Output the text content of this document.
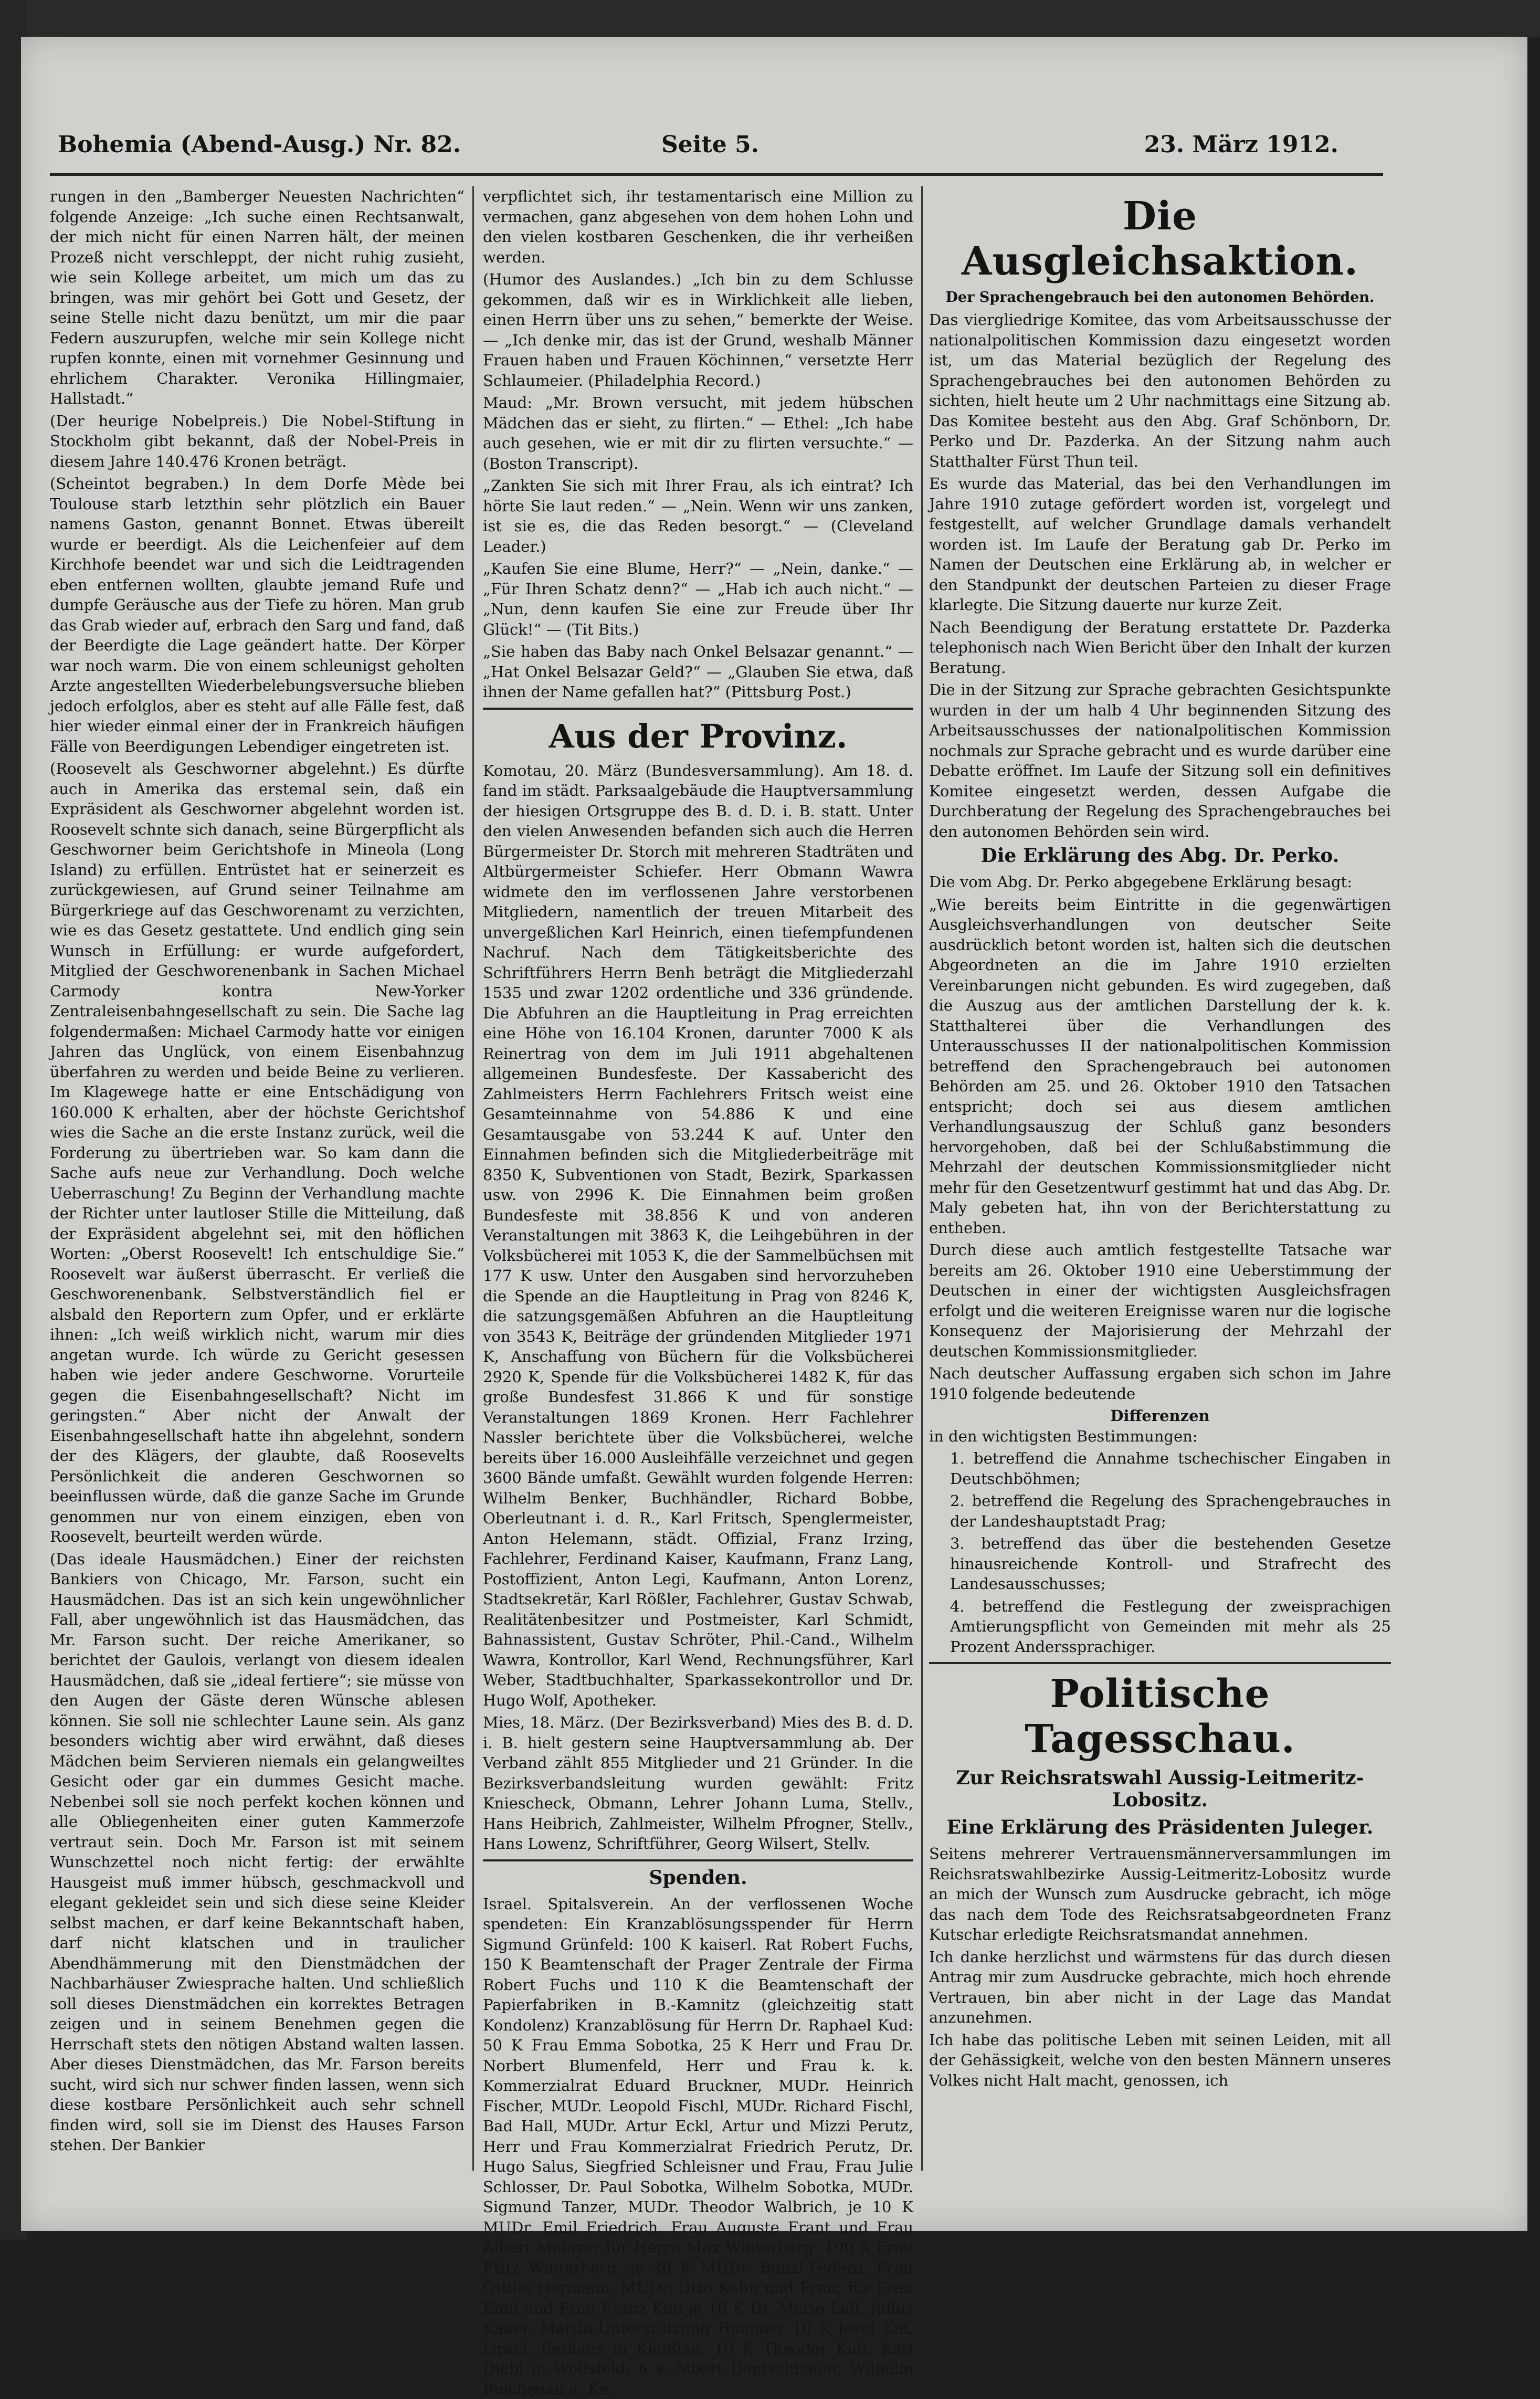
Bohemia (Abend-Ausg.) Nr. 82.	Seite 5.	23. März 1912.

rungen in den „Bamberger Neuesten Nachrichten“ folgende Anzeige: „Ich suche einen Rechtsanwalt, der mich nicht für einen Narren hält, der meinen Prozeß nicht verschleppt, der nicht ruhig zusieht, wie sein Kollege arbeitet, um mich um das zu bringen, was mir gehört bei Gott und Gesetz, der seine Stelle nicht dazu benützt, um mir die paar Federn auszurupfen, welche mir sein Kollege nicht rupfen konnte, einen mit vornehmer Gesinnung und ehrlichem Charakter. Veronika Hillingmaier, Hallstadt.“

(Der heurige Nobelpreis.) Die Nobel-Stiftung in Stockholm gibt bekannt, daß der Nobel-Preis in diesem Jahre 140.476 Kronen beträgt.

(Scheintot begraben.) In dem Dorfe Mède bei Toulouse starb letzthin sehr plötzlich ein Bauer namens Gaston, genannt Bonnet. Etwas übereilt wurde er beerdigt. Als die Leichenfeier auf dem Kirchhofe beendet war und sich die Leidtragenden eben entfernen wollten, glaubte jemand Rufe und dumpfe Geräusche aus der Tiefe zu hören. Man grub das Grab wieder auf, erbrach den Sarg und fand, daß der Beerdigte die Lage geändert hatte. Der Körper war noch warm. Die von einem schleunigst geholten Arzte angestellten Wiederbelebungsversuche blieben jedoch erfolglos, aber es steht auf alle Fälle fest, daß hier wieder einmal einer der in Frankreich häufigen Fälle von Beerdigungen Lebendiger eingetreten ist.

(Roosevelt als Geschworner abgelehnt.) Es dürfte auch in Amerika das erstemal sein, daß ein Expräsident als Geschworner abgelehnt worden ist. Roosevelt schnte sich danach, seine Bürgerpflicht als Geschworner beim Gerichtshofe in Mineola (Long Island) zu erfüllen. Entrüstet hat er seinerzeit es zurückgewiesen, auf Grund seiner Teilnahme am Bürgerkriege auf das Geschworenamt zu verzichten, wie es das Gesetz gestattete. Und endlich ging sein Wunsch in Erfüllung: er wurde aufgefordert, Mitglied der Geschworenenbank in Sachen Michael Carmody kontra New-Yorker Zentraleisenbahngesellschaft zu sein. Die Sache lag folgendermaßen: Michael Carmody hatte vor einigen Jahren das Unglück, von einem Eisenbahnzug überfahren zu werden und beide Beine zu verlieren. Im Klagewege hatte er eine Entschädigung von 160.000 K erhalten, aber der höchste Gerichtshof wies die Sache an die erste Instanz zurück, weil die Forderung zu übertrieben war. So kam dann die Sache aufs neue zur Verhandlung. Doch welche Ueberraschung! Zu Beginn der Verhandlung machte der Richter unter lautloser Stille die Mitteilung, daß der Expräsident abgelehnt sei, mit den höflichen Worten: „Oberst Roosevelt! Ich entschuldige Sie.“ Roosevelt war äußerst überrascht. Er verließ die Geschworenenbank. Selbstverständlich fiel er alsbald den Reportern zum Opfer, und er erklärte ihnen: „Ich weiß wirklich nicht, warum mir dies angetan wurde. Ich würde zu Gericht gesessen haben wie jeder andere Geschworne. Vorurteile gegen die Eisenbahngesellschaft? Nicht im geringsten.“ Aber nicht der Anwalt der Eisenbahngesellschaft hatte ihn abgelehnt, sondern der des Klägers, der glaubte, daß Roosevelts Persönlichkeit die anderen Geschwornen so beeinflussen würde, daß die ganze Sache im Grunde genommen nur von einem einzigen, eben von Roosevelt, beurteilt werden würde.

(Das ideale Hausmädchen.) Einer der reichsten Bankiers von Chicago, Mr. Farson, sucht ein Hausmädchen. Das ist an sich kein ungewöhnlicher Fall, aber ungewöhnlich ist das Hausmädchen, das Mr. Farson sucht. Der reiche Amerikaner, so berichtet der Gaulois, verlangt von diesem idealen Hausmädchen, daß sie „ideal fertiere“; sie müsse von den Augen der Gäste deren Wünsche ablesen können. Sie soll nie schlechter Laune sein. Als ganz besonders wichtig aber wird erwähnt, daß dieses Mädchen beim Servieren niemals ein gelangweiltes Gesicht oder gar ein dummes Gesicht mache. Nebenbei soll sie noch perfekt kochen können und alle Obliegenheiten einer guten Kammerzofe vertraut sein. Doch Mr. Farson ist mit seinem Wunschzettel noch nicht fertig: der erwählte Hausgeist muß immer hübsch, geschmackvoll und elegant gekleidet sein und sich diese seine Kleider selbst machen, er darf keine Bekanntschaft haben, darf nicht klatschen und in traulicher Abendhämmerung mit den Dienstmädchen der Nachbarhäuser Zwiesprache halten. Und schließlich soll dieses Dienstmädchen ein korrektes Betragen zeigen und in seinem Benehmen gegen die Herrschaft stets den nötigen Abstand walten lassen. Aber dieses Dienstmädchen, das Mr. Farson bereits sucht, wird sich nur schwer finden lassen, wenn sich diese kostbare Persönlichkeit auch sehr schnell finden wird, soll sie im Dienst des Hauses Farson stehen. Der Bankier

verpflichtet sich, ihr testamentarisch eine Million zu vermachen, ganz abgesehen von dem hohen Lohn und den vielen kostbaren Geschenken, die ihr verheißen werden.

(Humor des Auslandes.) „Ich bin zu dem Schlusse gekommen, daß wir es in Wirklichkeit alle lieben, einen Herrn über uns zu sehen,“ bemerkte der Weise. — „Ich denke mir, das ist der Grund, weshalb Männer Frauen haben und Frauen Köchinnen,“ versetzte Herr Schlaumeier. (Philadelphia Record.)

Maud: „Mr. Brown versucht, mit jedem hübschen Mädchen das er sieht, zu flirten.“ — Ethel: „Ich habe auch gesehen, wie er mit dir zu flirten versuchte.“ — (Boston Transcript).

„Zankten Sie sich mit Ihrer Frau, als ich eintrat? Ich hörte Sie laut reden.“ — „Nein. Wenn wir uns zanken, ist sie es, die das Reden besorgt.“ — (Cleveland Leader.)

„Kaufen Sie eine Blume, Herr?“ — „Nein, danke.“ — „Für Ihren Schatz denn?“ — „Hab ich auch nicht.“ — „Nun, denn kaufen Sie eine zur Freude über Ihr Glück!“ — (Tit Bits.)

„Sie haben das Baby nach Onkel Belsazar genannt.“ — „Hat Onkel Belsazar Geld?“ — „Glauben Sie etwa, daß ihnen der Name gefallen hat?“ (Pittsburg Post.)

Aus der Provinz.

Komotau, 20. März (Bundesversammlung). Am 18. d. fand im städt. Parksaalgebäude die Hauptversammlung der hiesigen Ortsgruppe des B. d. D. i. B. statt. Unter den vielen Anwesenden befanden sich auch die Herren Bürgermeister Dr. Storch mit mehreren Stadträten und Altbürgermeister Schiefer. Herr Obmann Wawra widmete den im verflossenen Jahre verstorbenen Mitgliedern, namentlich der treuen Mitarbeit des unvergeßlichen Karl Heinrich, einen tiefempfundenen Nachruf. Nach dem Tätigkeitsberichte des Schriftführers Herrn Benh beträgt die Mitgliederzahl 1535 und zwar 1202 ordentliche und 336 gründende. Die Abfuhren an die Hauptleitung in Prag erreichten eine Höhe von 16.104 Kronen, darunter 7000 K als Reinertrag von dem im Juli 1911 abgehaltenen allgemeinen Bundesfeste. Der Kassabericht des Zahlmeisters Herrn Fachlehrers Fritsch weist eine Gesamteinnahme von 54.886 K und eine Gesamtausgabe von 53.244 K auf. Unter den Einnahmen befinden sich die Mitgliederbeiträge mit 8350 K, Subventionen von Stadt, Bezirk, Sparkassen usw. von 2996 K. Die Einnahmen beim großen Bundesfeste mit 38.856 K und von anderen Veranstaltungen mit 3863 K, die Leihgebühren in der Volksbücherei mit 1053 K, die der Sammelbüchsen mit 177 K usw. Unter den Ausgaben sind hervorzuheben die Spende an die Hauptleitung in Prag von 8246 K, die satzungsgemäßen Abfuhren an die Hauptleitung von 3543 K, Beiträge der gründenden Mitglieder 1971 K, Anschaffung von Büchern für die Volksbücherei 2920 K, Spende für die Volksbücherei 1482 K, für das große Bundesfest 31.866 K und für sonstige Veranstaltungen 1869 Kronen. Herr Fachlehrer Nassler berichtete über die Volksbücherei, welche bereits über 16.000 Ausleihfälle verzeichnet und gegen 3600 Bände umfaßt. Gewählt wurden folgende Herren: Wilhelm Benker, Buchhändler, Richard Bobbe, Oberleutnant i. d. R., Karl Fritsch, Spenglermeister, Anton Helemann, städt. Offizial, Franz Irzing, Fachlehrer, Ferdinand Kaiser, Kaufmann, Franz Lang, Postoffizient, Anton Legi, Kaufmann, Anton Lorenz, Stadtsekretär, Karl Rößler, Fachlehrer, Gustav Schwab, Realitätenbesitzer und Postmeister, Karl Schmidt, Bahnassistent, Gustav Schröter, Phil.-Cand., Wilhelm Wawra, Kontrollor, Karl Wend, Rechnungsführer, Karl Weber, Stadtbuchhalter, Sparkassekontrollor und Dr. Hugo Wolf, Apotheker.

Mies, 18. März. (Der Bezirksverband) Mies des B. d. D. i. B. hielt gestern seine Hauptversammlung ab. Der Verband zählt 855 Mitglieder und 21 Gründer. In die Bezirksverbandsleitung wurden gewählt: Fritz Kniescheck, Obmann, Lehrer Johann Luma, Stellv., Hans Heibrich, Zahlmeister, Wilhelm Pfrogner, Stellv., Hans Lowenz, Schriftführer, Georg Wilsert, Stellv.

Spenden.

Israel. Spitalsverein. An der verflossenen Woche spendeten: Ein Kranzablösungsspender für Herrn Sigmund Grünfeld: 100 K kaiserl. Rat Robert Fuchs, 150 K Beamtenschaft der Prager Zentrale der Firma Robert Fuchs und 110 K die Beamtenschaft der Papierfabriken in B.-Kamnitz (gleichzeitig statt Kondolenz) Kranzablösung für Herrn Dr. Raphael Kud: 50 K Frau Emma Sobotka, 25 K Herr und Frau Dr. Norbert Blumenfeld, Herr und Frau k. k. Kommerzialrat Eduard Bruckner, MUDr. Heinrich Fischer, MUDr. Leopold Fischl, MUDr. Richard Fischl, Bad Hall, MUDr. Artur Eckl, Artur und Mizzi Perutz, Herr und Frau Kommerzialrat Friedrich Perutz, Dr. Hugo Salus, Siegfried Schleisner und Frau, Frau Julie Schlosser, Dr. Paul Sobotka, Wilhelm Sobotka, MUDr. Sigmund Tanzer, MUDr. Theodor Walbrich, je 10 K MUDr. Emil Friedrich, Frau Auguste Frant und Frau Albert Mahrer; für Herrn Max Winterberg: 100 K Frau Fritz Winterberg, je 20 K MUDr. Bunzl-Federn, Frau Ottilie Hermann, MUDr. Otto Kahn und Frau; für Frau Emil und Frau Franz Kuh je 10 K Dr. Marie Lidl, Julius Kauer, Martin-Unterstützung Hammer 10 K Josef Kaf, Israel. Bethaus in Kleißiau, 10 K Theodor Kuh, Karl Diebl in Wolfsfeld, 6 K Albert Dentschbauer, Wilhelm Reichenau a. Kn.

Die Ausgleichsaktion.
Der Sprachengebrauch bei den autonomen Behörden.

Das viergliedrige Komitee, das vom Arbeitsausschusse der nationalpolitischen Kommission dazu eingesetzt worden ist, um das Material bezüglich der Regelung des Sprachengebrauches bei den autonomen Behörden zu sichten, hielt heute um 2 Uhr nachmittags eine Sitzung ab. Das Komitee besteht aus den Abg. Graf Schönborn, Dr. Perko und Dr. Pazderka. An der Sitzung nahm auch Statthalter Fürst Thun teil.

Es wurde das Material, das bei den Verhandlungen im Jahre 1910 zutage gefördert worden ist, vorgelegt und festgestellt, auf welcher Grundlage damals verhandelt worden ist. Im Laufe der Beratung gab Dr. Perko im Namen der Deutschen eine Erklärung ab, in welcher er den Standpunkt der deutschen Parteien zu dieser Frage klarlegte. Die Sitzung dauerte nur kurze Zeit.

Nach Beendigung der Beratung erstattete Dr. Pazderka telephonisch nach Wien Bericht über den Inhalt der kurzen Beratung.

Die in der Sitzung zur Sprache gebrachten Gesichtspunkte wurden in der um halb 4 Uhr beginnenden Sitzung des Arbeitsausschusses der nationalpolitischen Kommission nochmals zur Sprache gebracht und es wurde darüber eine Debatte eröffnet. Im Laufe der Sitzung soll ein definitives Komitee eingesetzt werden, dessen Aufgabe die Durchberatung der Regelung des Sprachengebrauches bei den autonomen Behörden sein wird.

Die Erklärung des Abg. Dr. Perko.

Die vom Abg. Dr. Perko abgegebene Erklärung besagt:

„Wie bereits beim Eintritte in die gegenwärtigen Ausgleichsverhandlungen von deutscher Seite ausdrücklich betont worden ist, halten sich die deutschen Abgeordneten an die im Jahre 1910 erzielten Vereinbarungen nicht gebunden. Es wird zugegeben, daß die Auszug aus der amtlichen Darstellung der k. k. Statthalterei über die Verhandlungen des Unterausschusses II der nationalpolitischen Kommission betreffend den Sprachengebrauch bei autonomen Behörden am 25. und 26. Oktober 1910 den Tatsachen entspricht; doch sei aus diesem amtlichen Verhandlungsauszug der Schluß ganz besonders hervorgehoben, daß bei der Schlußabstimmung die Mehrzahl der deutschen Kommissionsmitglieder nicht mehr für den Gesetzentwurf gestimmt hat und das Abg. Dr. Maly gebeten hat, ihn von der Berichterstattung zu entheben.

Durch diese auch amtlich festgestellte Tatsache war bereits am 26. Oktober 1910 eine Ueberstimmung der Deutschen in einer der wichtigsten Ausgleichsfragen erfolgt und die weiteren Ereignisse waren nur die logische Konsequenz der Majorisierung der Mehrzahl der deutschen Kommissionsmitglieder.

Nach deutscher Auffassung ergaben sich schon im Jahre 1910 folgende bedeutende

Differenzen

in den wichtigsten Bestimmungen:

1. betreffend die Annahme tschechischer Eingaben in Deutschböhmen;

2. betreffend die Regelung des Sprachengebrauches in der Landeshauptstadt Prag;

3. betreffend das über die bestehenden Gesetze hinausreichende Kontroll- und Strafrecht des Landesausschusses;

4. betreffend die Festlegung der zweisprachigen Amtierungspflicht von Gemeinden mit mehr als 25 Prozent Anderssprachiger.

Politische Tagesschau.
Zur Reichsratswahl Aussig-Leitmeritz-Lobositz.
Eine Erklärung des Präsidenten Juleger.

Seitens mehrerer Vertrauensmännerversammlungen im Reichsratswahlbezirke Aussig-Leitmeritz-Lobositz wurde an mich der Wunsch zum Ausdrucke gebracht, ich möge das nach dem Tode des Reichsratsabgeordneten Franz Kutschar erledigte Reichsratsmandat annehmen.

Ich danke herzlichst und wärmstens für das durch diesen Antrag mir zum Ausdrucke gebrachte, mich hoch ehrende Vertrauen, bin aber nicht in der Lage das Mandat anzunehmen.

Ich habe das politische Leben mit seinen Leiden, mit all der Gehässigkeit, welche von den besten Männern unseres Volkes nicht Halt macht, genossen, ich
